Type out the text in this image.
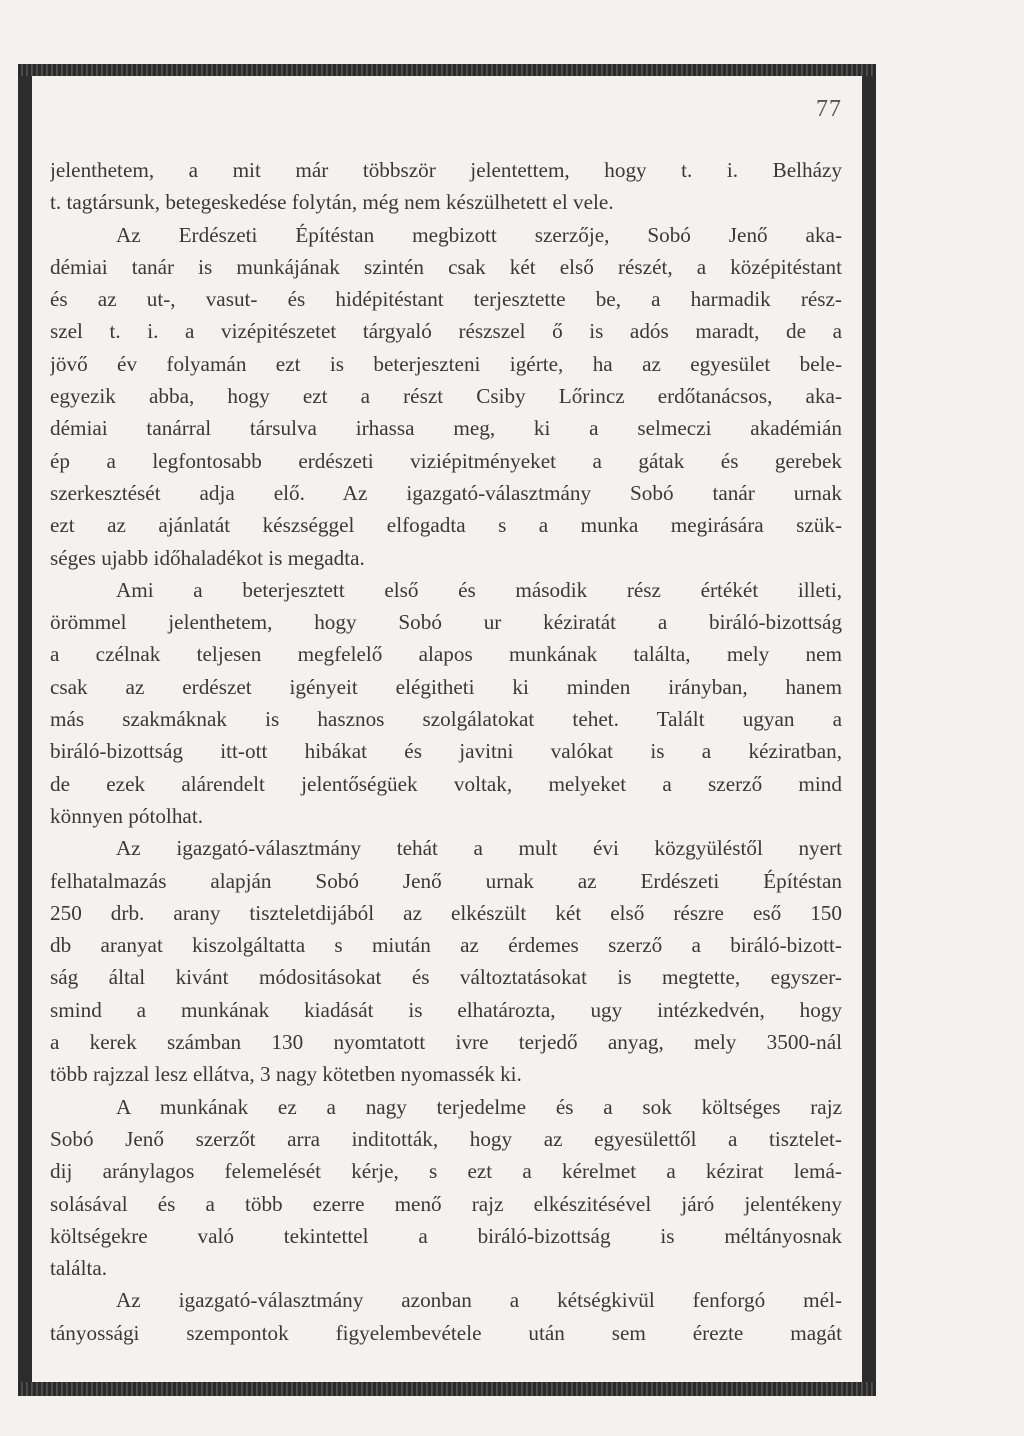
77
jelenthetem, a mit már többször jelentettem, hogy t. i. Belházy
t. tagtársunk, betegeskedése folytán, még nem készülhetett el vele.
Az Erdészeti Építéstan megbizott szerzője, Sobó Jenő aka-
démiai tanár is munkájának szintén csak két első részét, a középitéstant
és az ut-, vasut- és hidépitéstant terjesztette be, a harmadik rész-
szel t. i. a vizépitészetet tárgyaló részszel ő is adós maradt, de a
jövő év folyamán ezt is beterjeszteni igérte, ha az egyesület bele-
egyezik abba, hogy ezt a részt Csiby Lőrincz erdőtanácsos, aka-
démiai tanárral társulva irhassa meg, ki a selmeczi akadémián
ép a legfontosabb erdészeti viziépitményeket a gátak és gerebek
szerkesztését adja elő. Az igazgató-választmány Sobó tanár urnak
ezt az ajánlatát készséggel elfogadta s a munka megirására szük-
séges ujabb időhaladékot is megadta.
Ami a beterjesztett első és második rész értékét illeti,
örömmel jelenthetem, hogy Sobó ur kéziratát a biráló-bizottság
a czélnak teljesen megfelelő alapos munkának találta, mely nem
csak az erdészet igényeit elégitheti ki minden irányban, hanem
más szakmáknak is hasznos szolgálatokat tehet. Talált ugyan a
biráló-bizottság itt-ott hibákat és javitni valókat is a kéziratban,
de ezek alárendelt jelentőségüek voltak, melyeket a szerző mind
könnyen pótolhat.
Az igazgató-választmány tehát a mult évi közgyüléstől nyert
felhatalmazás alapján Sobó Jenő urnak az Erdészeti Építéstan
250 drb. arany tiszteletdijából az elkészült két első részre eső 150
db aranyat kiszolgáltatta s miután az érdemes szerző a biráló-bizott-
ság által kivánt módositásokat és változtatásokat is megtette, egyszer-
smind a munkának kiadását is elhatározta, ugy intézkedvén, hogy
a kerek számban 130 nyomtatott ivre terjedő anyag, mely 3500-nál
több rajzzal lesz ellátva, 3 nagy kötetben nyomassék ki.
A munkának ez a nagy terjedelme és a sok költséges rajz
Sobó Jenő szerzőt arra inditották, hogy az egyesülettől a tisztelet-
dij aránylagos felemelését kérje, s ezt a kérelmet a kézirat lemá-
solásával és a több ezerre menő rajz elkészitésével járó jelentékeny
költségekre való tekintettel a biráló-bizottság is méltányosnak
találta.
Az igazgató-választmány azonban a kétségkivül fenforgó mél-
tányossági szempontok figyelembevétele után sem érezte magát
